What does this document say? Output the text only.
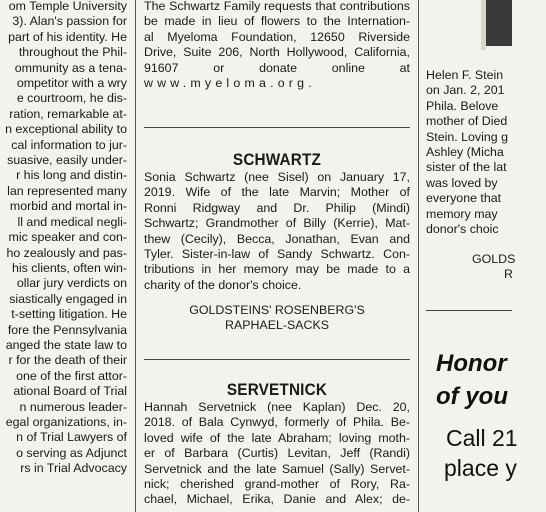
om Temple University
3). Alan's passion for
part of his identity. He
throughout the Phil-
ommunity as a tena-
ompetitor with a wry
e courtroom, he dis-
ration, remarkable at-
n exceptional ability to
cal information to jur-
suasive, easily under-
r his long and distin-
lan represented many
morbid and mortal in-
ll and medical negli-
mic speaker and con-
ho zealously and pas-
his clients, often win-
ollar jury verdicts on
siastically engaged in
t-setting litigation. He
fore the Pennsylvania
anged the state law to
r for the death of their
one of the first attor-
ational Board of Trial
n numerous leader-
egal organizations, in-
n of Trial Lawyers of
o serving as Adjunct
rs in Trial Advocacy
The Schwartz Family requests that contributions
be made in lieu of flowers to the Internation-
al Myeloma Foundation, 12650 Riverside
Drive, Suite 206, North Hollywood, California,
91607 or donate online at
www.myeloma.org.
SCHWARTZ
Sonia Schwartz (nee Sisel) on January 17,
2019. Wife of the late Marvin; Mother of
Ronni Ridgway and Dr. Philip (Mindi)
Schwartz; Grandmother of Billy (Kerrie), Mat-
thew (Cecily), Becca, Jonathan, Evan and
Tyler. Sister-in-law of Sandy Schwartz. Con-
tributions in her memory may be made to a
charity of the donor's choice.
GOLDSTEINS' ROSENBERG'S
RAPHAEL-SACKS
SERVETNICK
Hannah Servetnick (nee Kaplan) Dec. 20,
2018. of Bala Cynwyd, formerly of Phila. Be-
loved wife of the late Abraham; loving moth-
er of Barbara (Curtis) Levitan, Jeff (Randi)
Servetnick and the late Samuel (Sally) Servet-
nick; cherished grand-mother of Rory, Ra-
chael, Michael, Erika, Danie and Alex; de-
Helen F. Stein
on Jan. 2, 201
Phila. Belove
mother of Died
Stein. Loving g
Ashley (Micha
sister of the lat
was loved by
everyone that
memory may
donor's choic
GOLDS
R
Honor
of you
Call 21
place y
